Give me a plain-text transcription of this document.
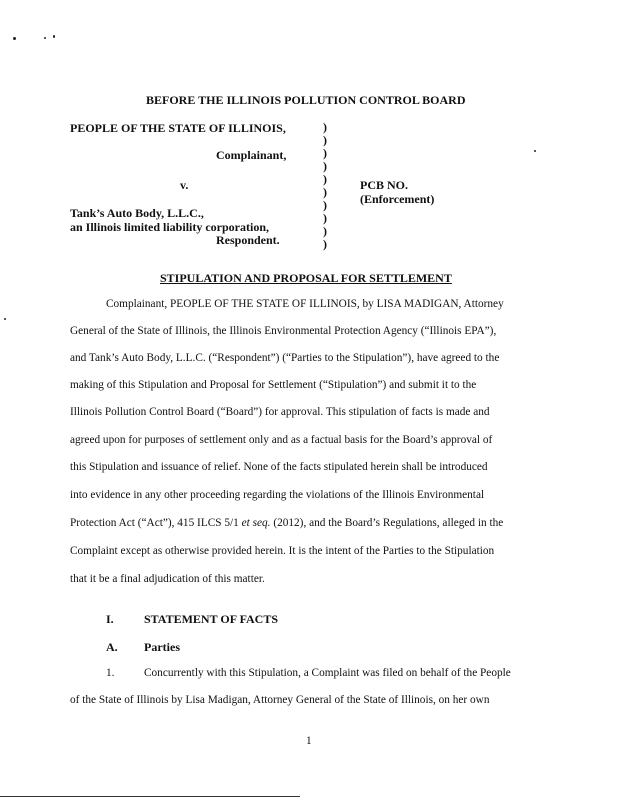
BEFORE THE ILLINOIS POLLUTION CONTROL BOARD
PEOPLE OF THE STATE OF ILLINOIS,
Complainant,
v.
Tank’s Auto Body, L.L.C.,
an Illinois limited liability corporation,
Respondent.
)
)
)
)
)
)
)
)
)
)
PCB NO.
(Enforcement)
STIPULATION AND PROPOSAL FOR SETTLEMENT
Complainant, PEOPLE OF THE STATE OF ILLINOIS, by LISA MADIGAN, Attorney
General of the State of Illinois, the Illinois Environmental Protection Agency (“Illinois EPA”),
and Tank’s Auto Body, L.L.C. (“Respondent”) (“Parties to the Stipulation”), have agreed to the
making of this Stipulation and Proposal for Settlement (“Stipulation”) and submit it to the
Illinois Pollution Control Board (“Board”) for approval. This stipulation of facts is made and
agreed upon for purposes of settlement only and as a factual basis for the Board’s approval of
this Stipulation and issuance of relief. None of the facts stipulated herein shall be introduced
into evidence in any other proceeding regarding the violations of the Illinois Environmental
Protection Act (“Act”), 415 ILCS 5/1 et seq. (2012), and the Board’s Regulations, alleged in the
Complaint except as otherwise provided herein. It is the intent of the Parties to the Stipulation
that it be a final adjudication of this matter.
I.	STATEMENT OF FACTS
A. Parties
1.	Concurrently with this Stipulation, a Complaint was filed on behalf of the People
of the State of Illinois by Lisa Madigan, Attorney General of the State of Illinois, on her own
1
